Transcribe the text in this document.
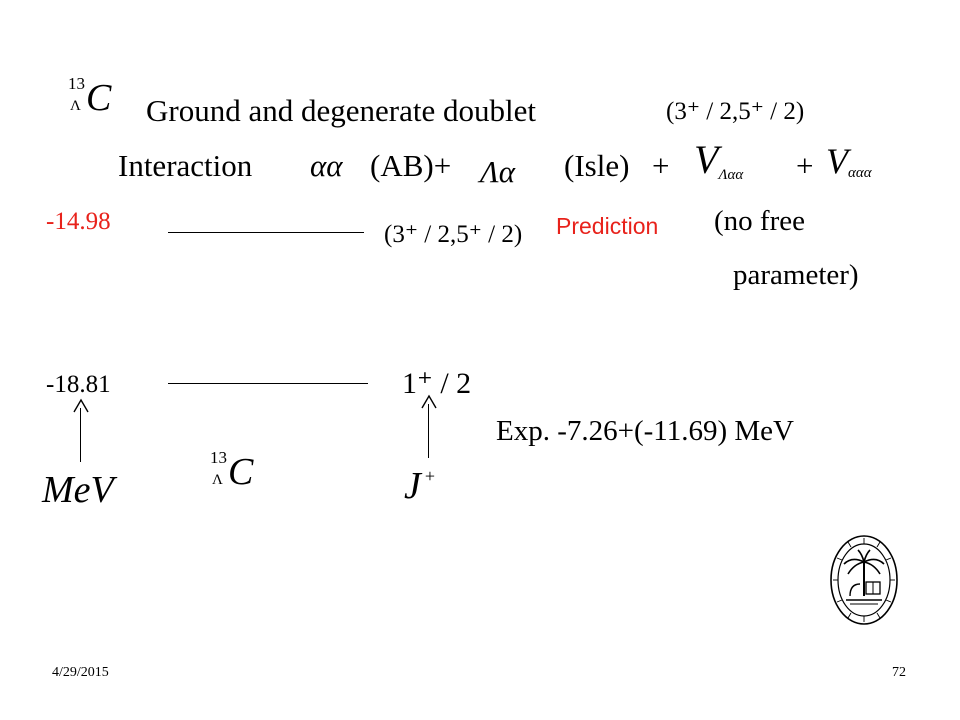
13
Λ C Ground and degenerate doublet	(3⁺ / 2,5⁺ / 2)
Interaction αα (AB)+ Λα (Isle) + VΛαα + Vααα
-14.98	(3⁺ / 2,5⁺ / 2) Prediction (no free
parameter)
-18.81	1⁺ / 2
Exp. -7.26+(-11.69) MeV
MeV
13
Λ C	J +
4/29/2015	72
